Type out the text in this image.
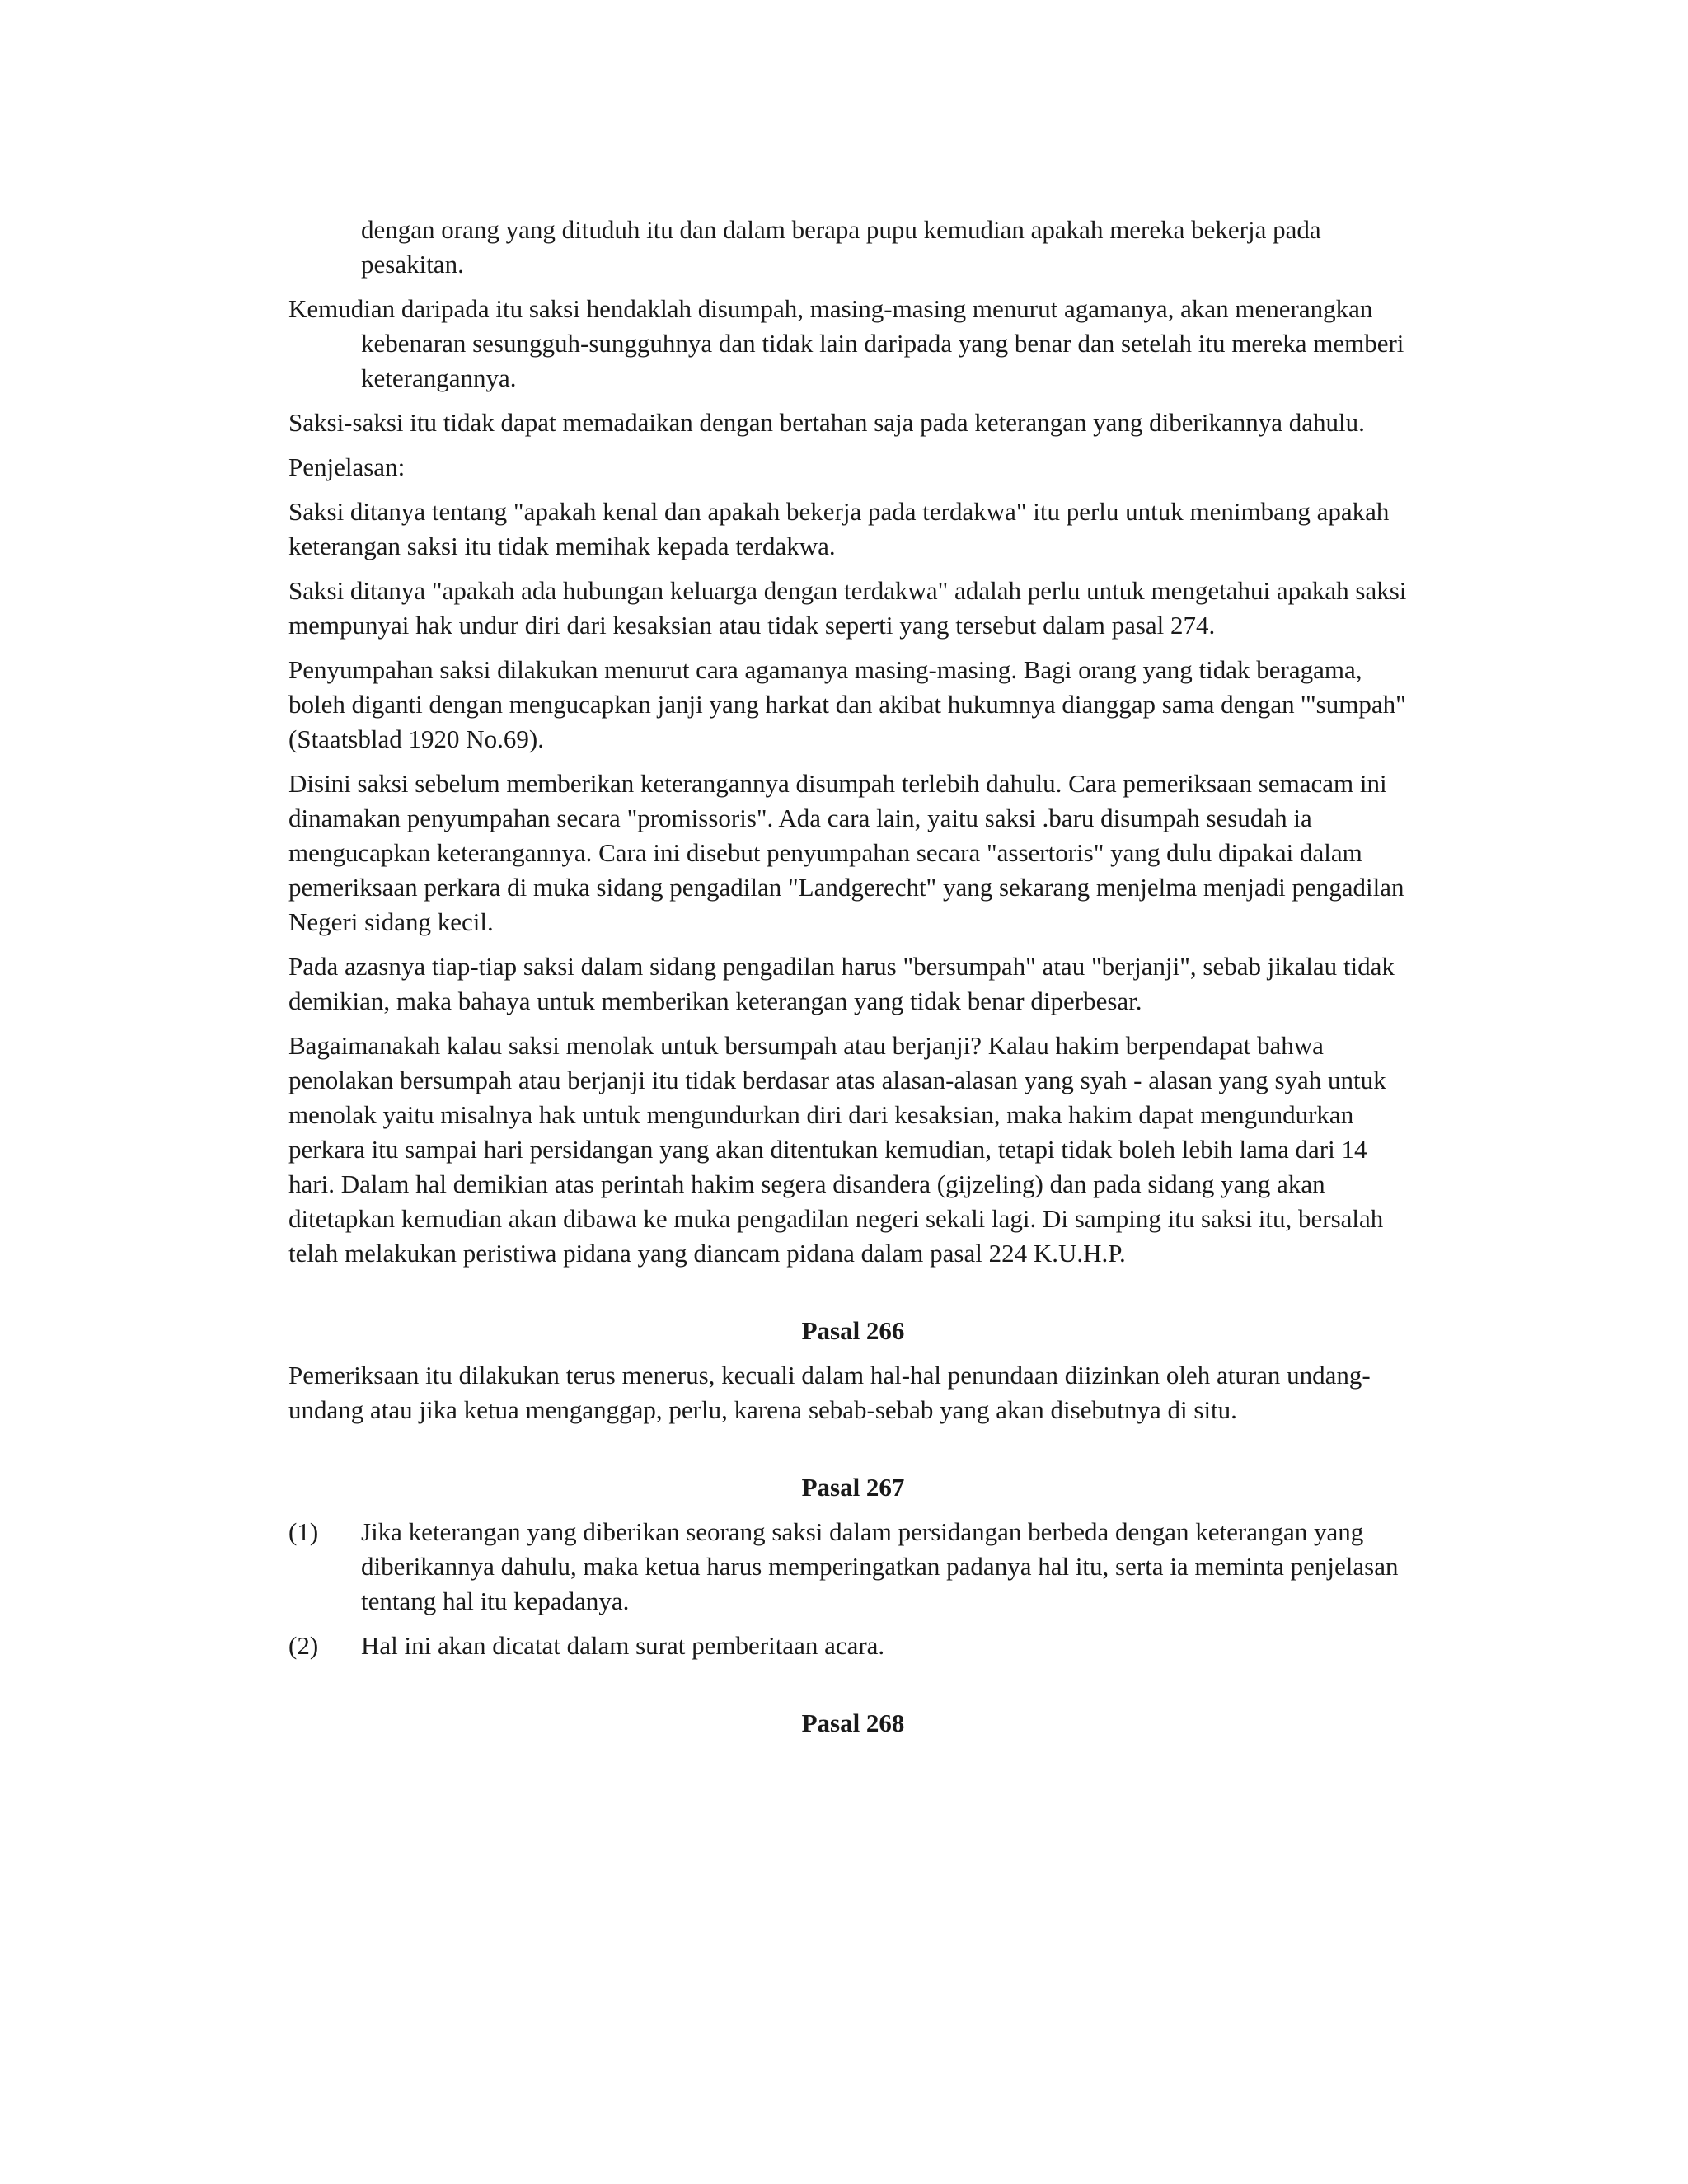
dengan orang yang dituduh itu dan dalam berapa pupu kemudian apakah mereka bekerja pada pesakitan.

Kemudian daripada itu saksi hendaklah disumpah, masing-masing menurut agamanya, akan menerangkan kebenaran sesungguh-sungguhnya dan tidak lain daripada yang benar dan setelah itu mereka memberi keterangannya.

Saksi-saksi itu tidak dapat memadaikan dengan bertahan saja pada keterangan yang diberikannya dahulu.

Penjelasan:

Saksi ditanya tentang "apakah kenal dan apakah bekerja pada terdakwa" itu perlu untuk menimbang apakah keterangan saksi itu tidak memihak kepada terdakwa.

Saksi ditanya "apakah ada hubungan keluarga dengan terdakwa" adalah perlu untuk mengetahui apakah saksi mempunyai hak undur diri dari kesaksian atau tidak seperti yang tersebut dalam pasal 274.

Penyumpahan saksi dilakukan menurut cara agamanya masing-masing. Bagi orang yang tidak beragama, boleh diganti dengan mengucapkan janji yang harkat dan akibat hukumnya dianggap sama dengan '"sumpah" (Staatsblad 1920 No.69).

Disini saksi sebelum memberikan keterangannya disumpah terlebih dahulu. Cara pemeriksaan semacam ini dinamakan penyumpahan secara "promissoris". Ada cara lain, yaitu saksi .baru disumpah sesudah ia mengucapkan keterangannya. Cara ini disebut penyumpahan secara "assertoris" yang dulu dipakai dalam pemeriksaan perkara di muka sidang pengadilan "Landgerecht" yang sekarang menjelma menjadi pengadilan Negeri sidang kecil.

Pada azasnya tiap-tiap saksi dalam sidang pengadilan harus "bersumpah" atau "berjanji", sebab jikalau tidak demikian, maka bahaya untuk memberikan keterangan yang tidak benar diperbesar.

Bagaimanakah kalau saksi menolak untuk bersumpah atau berjanji? Kalau hakim berpendapat bahwa penolakan bersumpah atau berjanji itu tidak berdasar atas alasan-alasan yang syah - alasan yang syah untuk menolak yaitu misalnya hak untuk mengundurkan diri dari kesaksian, maka hakim dapat mengundurkan perkara itu sampai hari persidangan yang akan ditentukan kemudian, tetapi tidak boleh lebih lama dari 14 hari. Dalam hal demikian atas perintah hakim segera disandera (gijzeling) dan pada sidang yang akan ditetapkan kemudian akan dibawa ke muka pengadilan negeri sekali lagi. Di samping itu saksi itu, bersalah telah melakukan peristiwa pidana yang diancam pidana dalam pasal 224 K.U.H.P.

Pasal 266

Pemeriksaan itu dilakukan terus menerus, kecuali dalam hal-hal penundaan diizinkan oleh aturan undang-undang atau jika ketua menganggap, perlu, karena sebab-sebab yang akan disebutnya di situ.

Pasal 267
(1)	Jika keterangan yang diberikan seorang saksi dalam persidangan berbeda dengan keterangan yang diberikannya dahulu, maka ketua harus memperingatkan padanya hal itu, serta ia meminta penjelasan tentang hal itu kepadanya.
(2)	Hal ini akan dicatat dalam surat pemberitaan acara.
Pasal 268
